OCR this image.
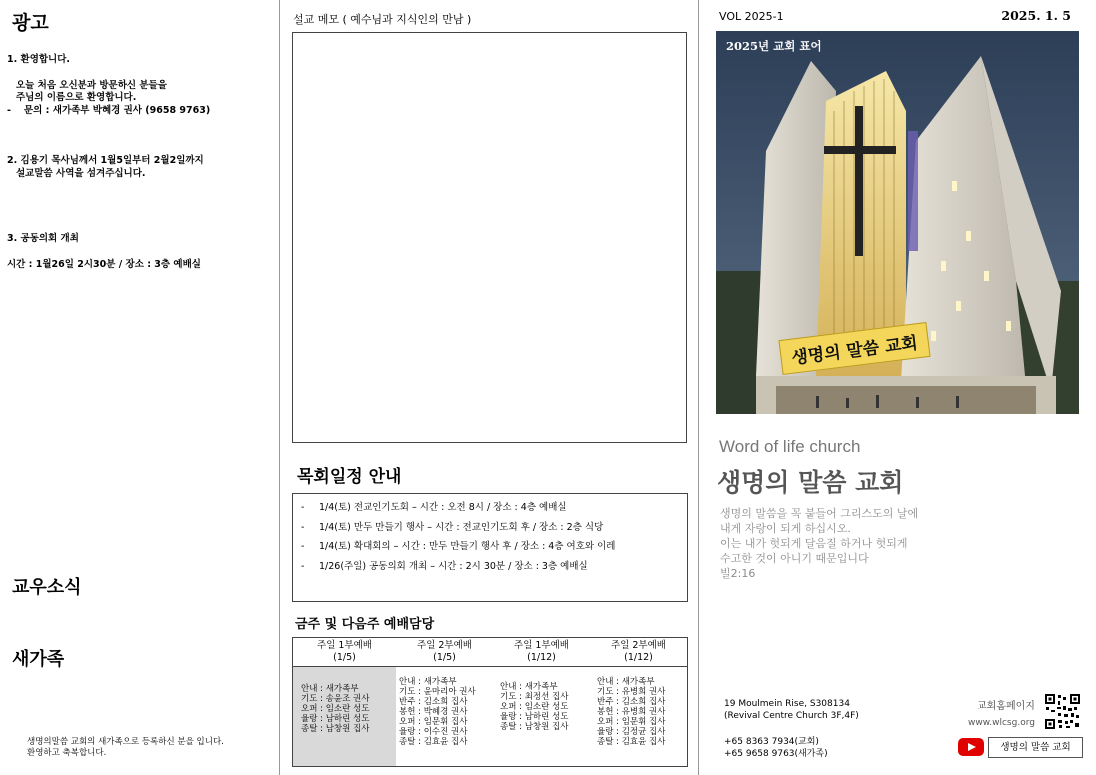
광고
1. 환영합니다.
오늘 처음 오신분과 방문하신 분들을
주님의 이름으로 환영합니다.
- 문의 : 새가족부 박혜경 권사 (9658 9763)
2. 김용기 목사님께서 1월5일부터 2월2일까지
설교말씀 사역을 섬겨주십니다.
3. 공동의회 개최
시간 : 1월26일 2시30분 / 장소 : 3층 예배실
교우소식
새가족
생명의말씀 교회의 새가족으로 등록하신 분을 입니다.
환영하고 축복합니다.
설교 메모 ( 예수님과 지식인의 만남 )
목회일정 안내
- 1/4(토) 전교인기도회 – 시간 : 오전 8시 / 장소 : 4층 예배실
- 1/4(토) 만두 만들기 행사 – 시간 : 전교인기도회 후 / 장소 : 2층 식당
- 1/4(토) 확대회의 – 시간 : 만두 만들기 행사 후 / 장소 : 4층 여호와 이레
- 1/26(주일) 공동의회 개최 – 시간 : 2시 30분 / 장소 : 3층 예배실
금주 및 다음주 예배담당
주일 1부예배
(1/5)
주일 2부예배
(1/5)
주일 1부예배
(1/12)
주일 2부예배
(1/12)
안내 : 새가족부
기도 : 송윤조 권사
오퍼 : 임소란 성도
율랑 : 남하린 성도
종탈 : 남창원 집사
안내 : 새가족부
기도 : 윤마리아 권사
반주 : 김소희 집사
봉헌 : 박혜경 권사
오퍼 : 임문휘 집사
율랑 : 이수진 권사
종탈 : 김효윤 집사
안내 : 새가족부
기도 : 최정선 집사
오퍼 : 임소란 성도
율랑 : 남하린 성도
종탈 : 남창원 집사
안내 : 새가족부
기도 : 유병희 권사
반주 : 김소희 집사
봉헌 : 유병희 권사
오퍼 : 임문휘 집사
율랑 : 김정균 집사
종탈 : 김효윤 집사
VOL 2025-1	2025. 1. 5
2025년 교회 표어
생명의 말씀 교회
Word of life church
생명의 말씀 교회
생명의 말씀을 꼭 붙들어 그리스도의 날에
내게 자랑이 되게 하십시오.
이는 내가 헛되게 달음질 하거나 헛되게
수고한 것이 아니기 때문입니다
빌2:16
19 Moulmein Rise, S308134
(Revival Centre Church 3F,4F)
+65 8363 7934(교회)
+65 9658 9763(새가족)
교회홈페이지
www.wlcsg.org
생명의 말씀 교회
